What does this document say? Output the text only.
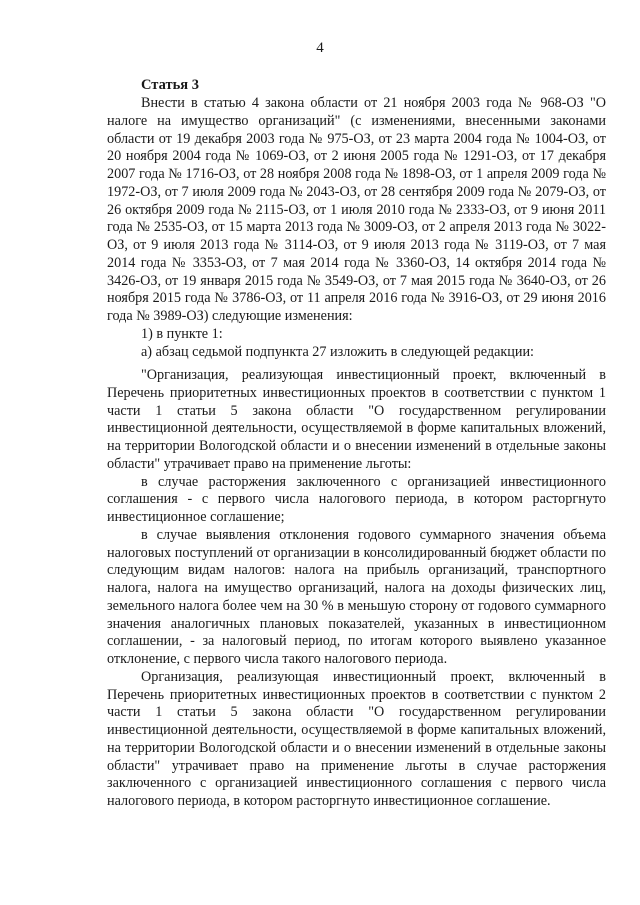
4
Статья 3

Внести в статью 4 закона области от 21 ноября 2003 года № 968-ОЗ "О налоге на имущество организаций" (с изменениями, внесенными законами области от 19 декабря 2003 года № 975-ОЗ, от 23 марта 2004 года № 1004-ОЗ, от 20 ноября 2004 года № 1069-ОЗ, от 2 июня 2005 года № 1291-ОЗ, от 17 декабря 2007 года № 1716-ОЗ, от 28 ноября 2008 года № 1898-ОЗ, от 1 апреля 2009 года № 1972-ОЗ, от 7 июля 2009 года № 2043-ОЗ, от 28 сентября 2009 года № 2079-ОЗ, от 26 октября 2009 года № 2115-ОЗ, от 1 июля 2010 года № 2333-ОЗ, от 9 июня 2011 года № 2535-ОЗ, от 15 марта 2013 года № 3009-ОЗ, от 2 апреля 2013 года № 3022-ОЗ, от 9 июля 2013 года № 3114-ОЗ, от 9 июля 2013 года № 3119-ОЗ, от 7 мая 2014 года № 3353-ОЗ, от 7 мая 2014 года № 3360-ОЗ, 14 октября 2014 года № 3426-ОЗ, от 19 января 2015 года № 3549-ОЗ, от 7 мая 2015 года № 3640-ОЗ, от 26 ноября 2015 года № 3786-ОЗ, от 11 апреля 2016 года № 3916-ОЗ, от 29 июня 2016 года № 3989-ОЗ) следующие изменения:

1) в пункте 1:

а) абзац седьмой подпункта 27 изложить в следующей редакции:

"Организация, реализующая инвестиционный проект, включенный в Перечень приоритетных инвестиционных проектов в соответствии с пунктом 1 части 1 статьи 5 закона области "О государственном регулировании инвестиционной деятельности, осуществляемой в форме капитальных вложений, на территории Вологодской области и о внесении изменений в отдельные законы области" утрачивает право на применение льготы:

в случае расторжения заключенного с организацией инвестиционного соглашения - с первого числа налогового периода, в котором расторгнуто инвестиционное соглашение;

в случае выявления отклонения годового суммарного значения объема налоговых поступлений от организации в консолидированный бюджет области по следующим видам налогов: налога на прибыль организаций, транспортного налога, налога на имущество организаций, налога на доходы физических лиц, земельного налога более чем на 30 % в меньшую сторону от годового суммарного значения аналогичных плановых показателей, указанных в инвестиционном соглашении, - за налоговый период, по итогам которого выявлено указанное отклонение, с первого числа такого налогового периода.

Организация, реализующая инвестиционный проект, включенный в Перечень приоритетных инвестиционных проектов в соответствии с пунктом 2 части 1 статьи 5 закона области "О государственном регулировании инвестиционной деятельности, осуществляемой в форме капитальных вложений, на территории Вологодской области и о внесении изменений в отдельные законы области" утрачивает право на применение льготы в случае расторжения заключенного с организацией инвестиционного соглашения с первого числа налогового периода, в котором расторгнуто инвестиционное соглашение.
